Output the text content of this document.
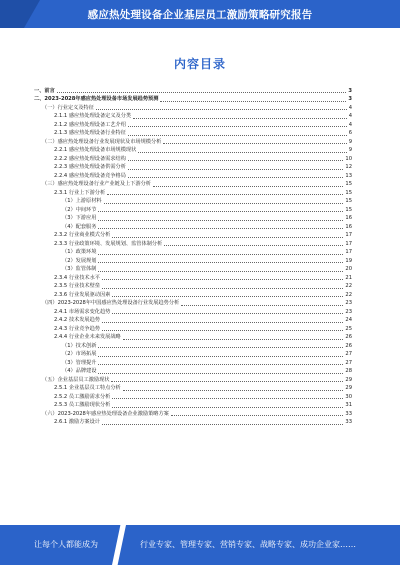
感应热处理设备企业基层员工激励策略研究报告
内容目录
一、前言	3
二、2023-2028年感应热处理设备市场发展趋势预测	3
（一）行业定义及特征	4
2.1.1 感应热处理设备定义及分类	4
2.1.2 感应热处理设备工艺介绍	4
2.1.3 感应热处理设备行业特征	6
（二）感应热处理设备行业发展现状及市场规模分析	9
2.2.1 感应热处理设备市场规模现状	9
2.2.2 感应热处理设备需求结构	10
2.2.3 感应热处理设备供需分析	12
2.2.4 感应热处理设备竞争格局	13
（三）感应热处理设备行业产业链及上下游分析	15
2.3.1 行业上下游分析	15
（1）上游原材料	15
（2）中间环节	15
（3）下游应用	16
（4）配套服务	16
2.3.2 行业商业模式分析	17
2.3.3 行业政策环境、发展规划、监管体制分析	17
（1）政策环境	17
（2）发展规划	19
（3）监管体制	20
2.3.4 行业技术水平	21
2.3.5 行业技术壁垒	22
2.3.6 行业发展驱动因素	22
（四）2023-2028年中国感应热处理设备行业发展趋势分析	23
2.4.1 市场需求变化趋势	23
2.4.2 技术发展趋势	24
2.4.3 行业竞争趋势	25
2.4.4 行业企业未来发展战略	26
（1）技术创新	26
（2）市场拓展	27
（3）管理提升	27
（4）品牌建设	28
（五）企业基层员工激励现状	29
2.5.1 企业基层员工特点分析	29
2.5.2 员工激励需求分析	30
2.5.3 员工激励现状分析	31
（六）2023-2028年感应热处理设备企业激励策略方案	33
2.6.1 激励方案设计	33
让每个人都能成为	行业专家、管理专家、营销专家、战略专家、成功企业家……
